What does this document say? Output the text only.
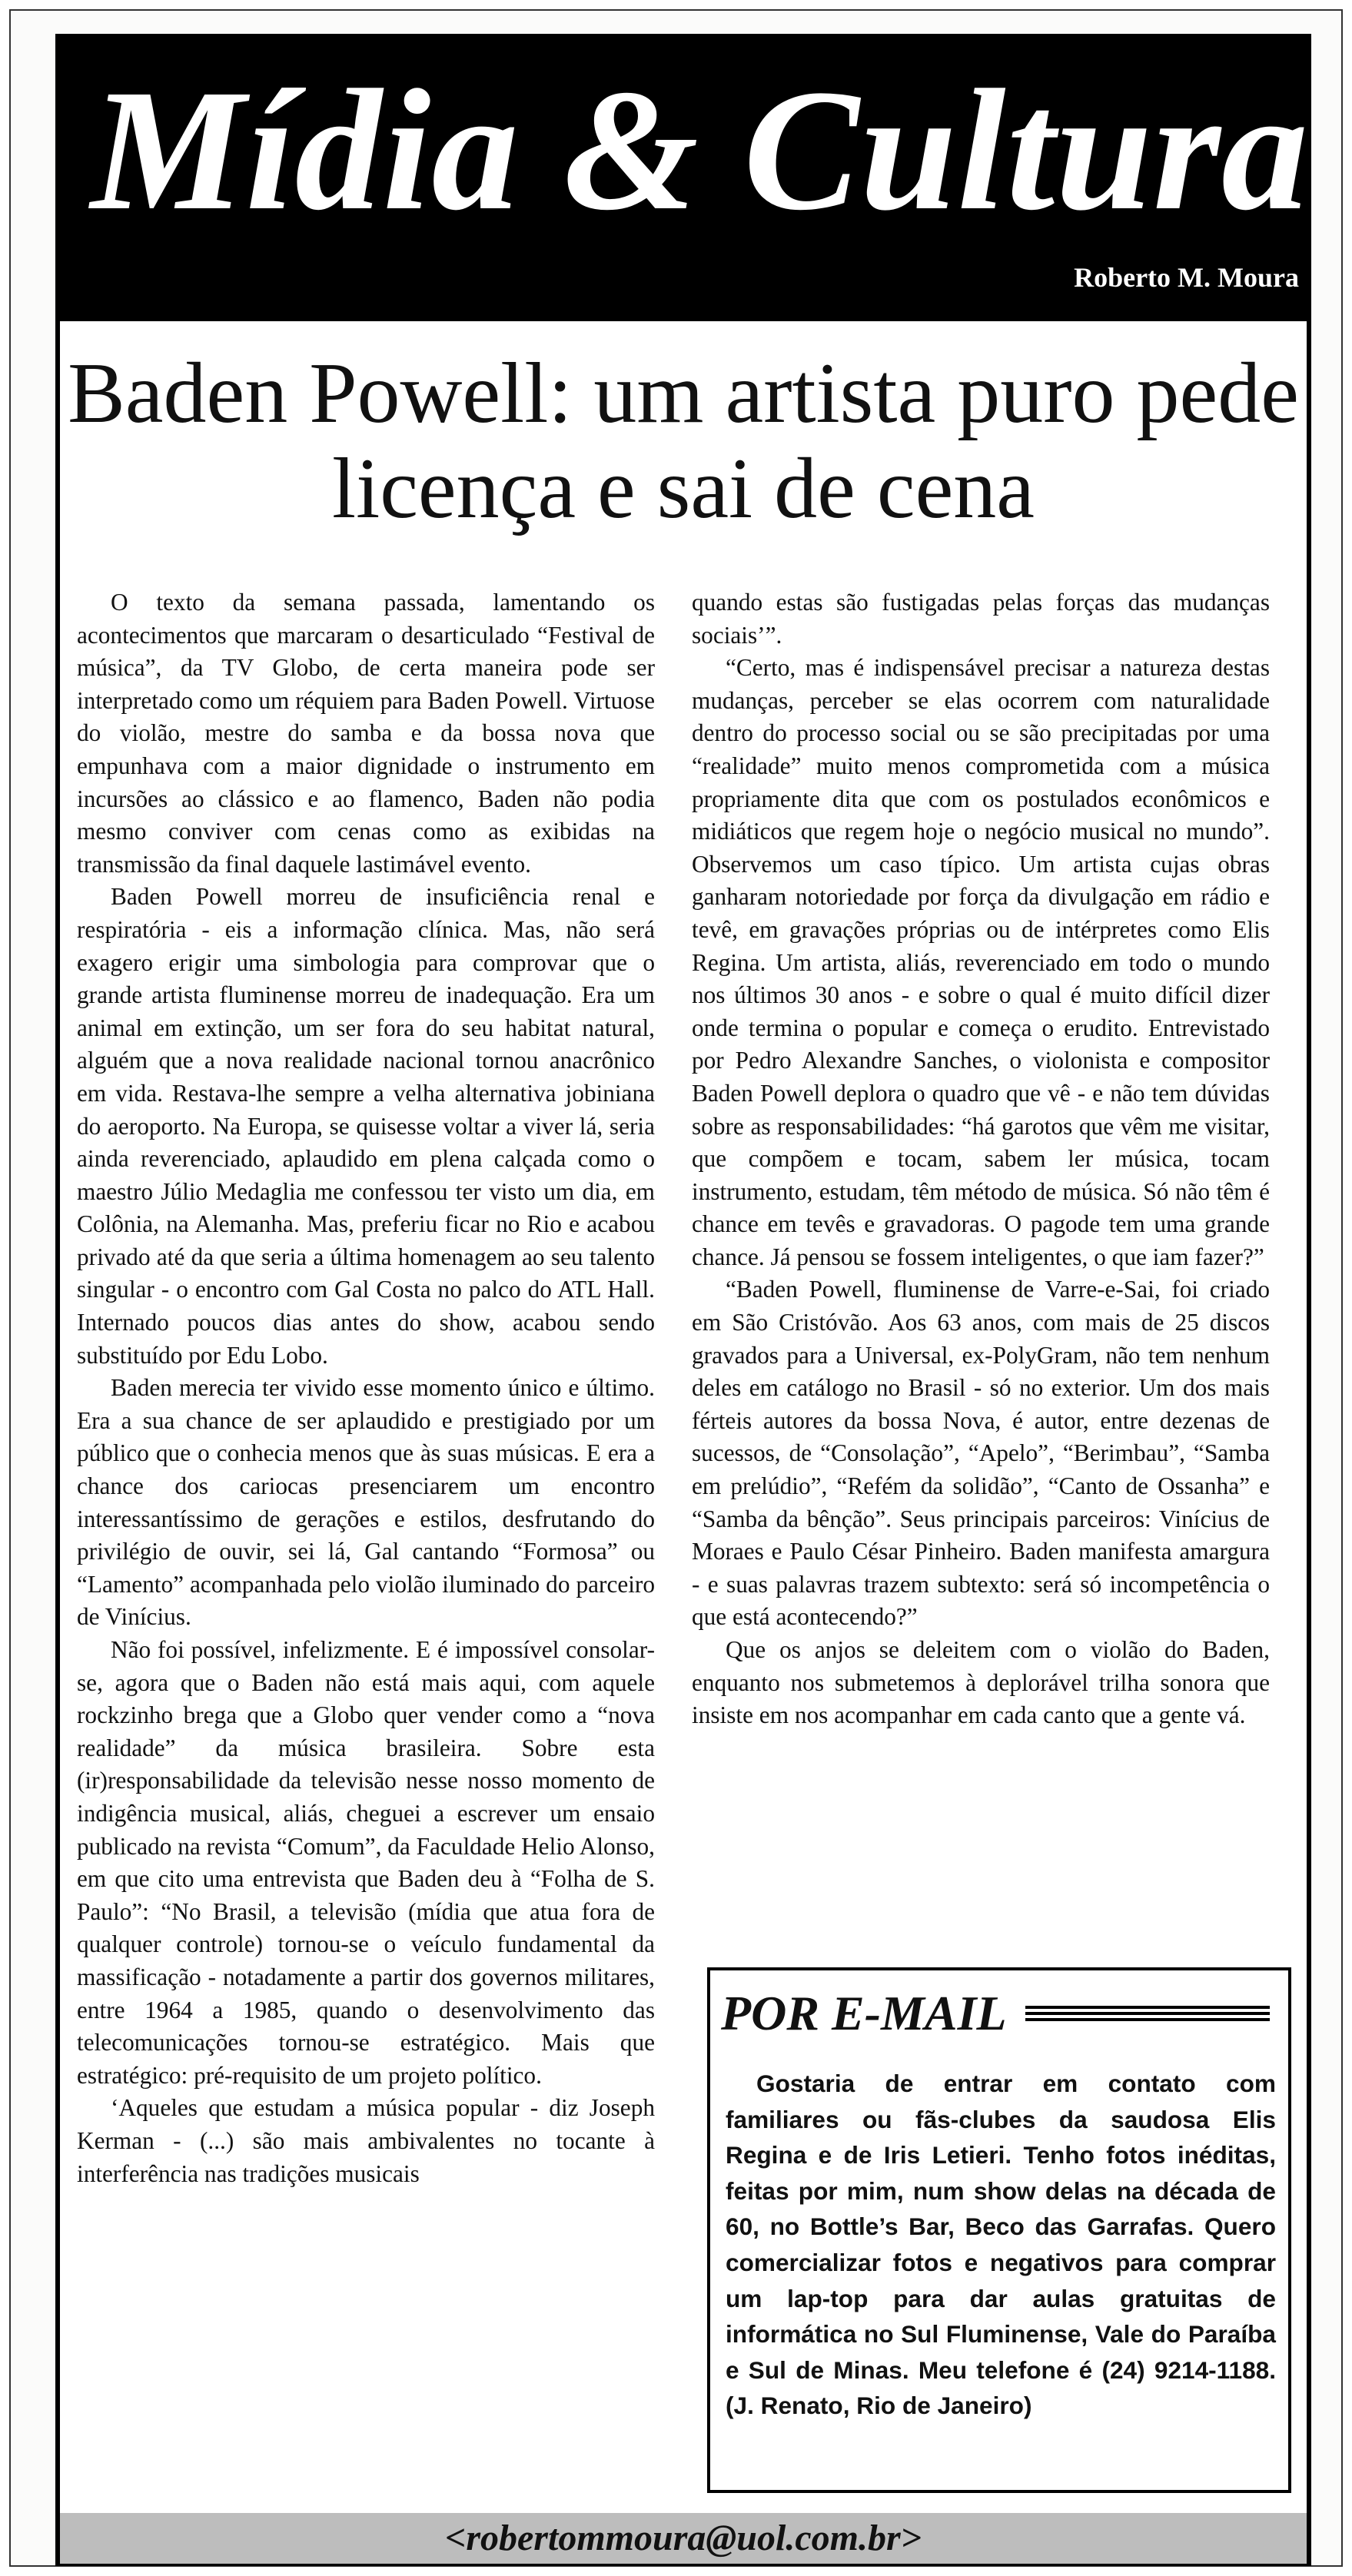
Mídia & Cultura
Roberto M. Moura
Baden Powell: um artista puro pede licença e sai de cena

O texto da semana passada, lamentando os acontecimentos que marcaram o desarticulado “Festival de música”, da TV Globo, de certa maneira pode ser interpretado como um réquiem para Baden Powell. Virtuose do violão, mestre do samba e da bossa nova que empunhava com a maior dignidade o instrumento em incursões ao clássico e ao flamenco, Baden não podia mesmo conviver com cenas como as exibidas na transmissão da final daquele lastimável evento.

Baden Powell morreu de insuficiência renal e respiratória - eis a informação clínica. Mas, não será exagero erigir uma simbologia para comprovar que o grande artista fluminense morreu de inadequação. Era um animal em extinção, um ser fora do seu habitat natural, alguém que a nova realidade nacional tornou anacrônico em vida. Restava-lhe sempre a velha alternativa jobiniana do aeroporto. Na Europa, se quisesse voltar a viver lá, seria ainda reverenciado, aplaudido em plena calçada como o maestro Júlio Medaglia me confessou ter visto um dia, em Colônia, na Alemanha. Mas, preferiu ficar no Rio e acabou privado até da que seria a última homenagem ao seu talento singular - o encontro com Gal Costa no palco do ATL Hall. Internado poucos dias antes do show, acabou sendo substituído por Edu Lobo.

Baden merecia ter vivido esse momento único e último. Era a sua chance de ser aplaudido e prestigiado por um público que o conhecia menos que às suas músicas. E era a chance dos cariocas presenciarem um encontro interessantíssimo de gerações e estilos, desfrutando do privilégio de ouvir, sei lá, Gal cantando “Formosa” ou “Lamento” acompanhada pelo violão iluminado do parceiro de Vinícius.

Não foi possível, infelizmente. E é impossível consolar-se, agora que o Baden não está mais aqui, com aquele rockzinho brega que a Globo quer vender como a “nova realidade” da música brasileira. Sobre esta (ir)responsabilidade da televisão nesse nosso momento de indigência musical, aliás, cheguei a escrever um ensaio publicado na revista “Comum”, da Faculdade Helio Alonso, em que cito uma entrevista que Baden deu à “Folha de S. Paulo”: “No Brasil, a televisão (mídia que atua fora de qualquer controle) tornou-se o veículo fundamental da massificação - notadamente a partir dos governos militares, entre 1964 a 1985, quando o desenvolvimento das telecomunicações tornou-se estratégico. Mais que estratégico: pré-requisito de um projeto político.

‘Aqueles que estudam a música popular - diz Joseph Kerman - (...) são mais ambivalentes no tocante à interferência nas tradições musicais

quando estas são fustigadas pelas forças das mudanças sociais’”.

“Certo, mas é indispensável precisar a natureza destas mudanças, perceber se elas ocorrem com naturalidade dentro do processo social ou se são precipitadas por uma “realidade” muito menos comprometida com a música propriamente dita que com os postulados econômicos e midiáticos que regem hoje o negócio musical no mundo”. Observemos um caso típico. Um artista cujas obras ganharam notoriedade por força da divulgação em rádio e tevê, em gravações próprias ou de intérpretes como Elis Regina. Um artista, aliás, reverenciado em todo o mundo nos últimos 30 anos - e sobre o qual é muito difícil dizer onde termina o popular e começa o erudito. Entrevistado por Pedro Alexandre Sanches, o violonista e compositor Baden Powell deplora o quadro que vê - e não tem dúvidas sobre as responsabilidades: “há garotos que vêm me visitar, que compõem e tocam, sabem ler música, tocam instrumento, estudam, têm método de música. Só não têm é chance em tevês e gravadoras. O pagode tem uma grande chance. Já pensou se fossem inteligentes, o que iam fazer?”

“Baden Powell, fluminense de Varre-e-Sai, foi criado em São Cristóvão. Aos 63 anos, com mais de 25 discos gravados para a Universal, ex-PolyGram, não tem nenhum deles em catálogo no Brasil - só no exterior. Um dos mais férteis autores da bossa Nova, é autor, entre dezenas de sucessos, de “Consolação”, “Apelo”, “Berimbau”, “Samba em prelúdio”, “Refém da solidão”, “Canto de Ossanha” e “Samba da bênção”. Seus principais parceiros: Vinícius de Moraes e Paulo César Pinheiro. Baden manifesta amargura - e suas palavras trazem subtexto: será só incompetência o que está acontecendo?”

Que os anjos se deleitem com o violão do Baden, enquanto nos submetemos à deplorável trilha sonora que insiste em nos acompanhar em cada canto que a gente vá.

POR E-MAIL
Gostaria de entrar em contato com familiares ou fãs-clubes da saudosa Elis Regina e de Iris Letieri. Tenho fotos inéditas, feitas por mim, num show delas na década de 60, no Bottle’s Bar, Beco das Garrafas. Quero comercializar fotos e negativos para comprar um lap-top para dar aulas gratuitas de informática no Sul Fluminense, Vale do Paraíba e Sul de Minas. Meu telefone é (24) 9214-1188. (J. Renato, Rio de Janeiro)
<robertommoura@uol.com.br>
